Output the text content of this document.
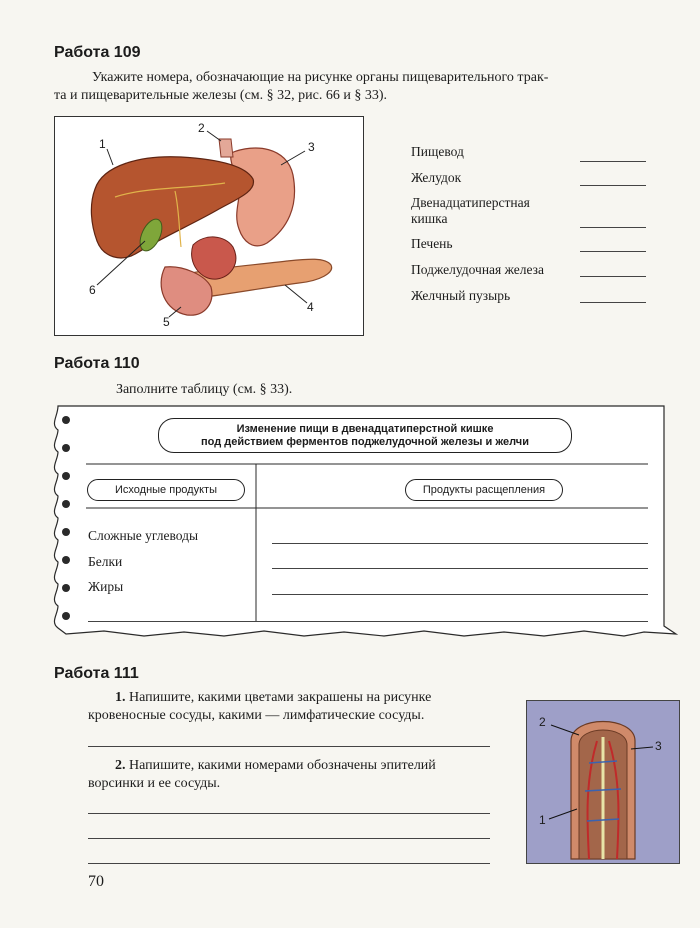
Работа 109
Укажите номера, обозначающие на рисунке органы пищеварительного трак-
та и пищеварительные железы (см. § 32, рис. 66 и § 33).
1
2
3
4
5
6
Пищевод
Желудок
Двенадцатиперстная
кишка
Печень
Поджелудочная железа
Желчный пузырь
Работа 110
Заполните таблицу (см. § 33).
Изменение пищи в двенадцатиперстной кишке
под действием ферментов поджелудочной железы и желчи
Исходные продукты	Продукты расщепления
Сложные углеводы
Белки
Жиры
Работа 111
1. Напишите, какими цветами закрашены на рисунке
кровеносные сосуды, какими — лимфатические сосуды.
2. Напишите, какими номерами обозначены эпителий
ворсинки и ее сосуды.
2
3
1
70
